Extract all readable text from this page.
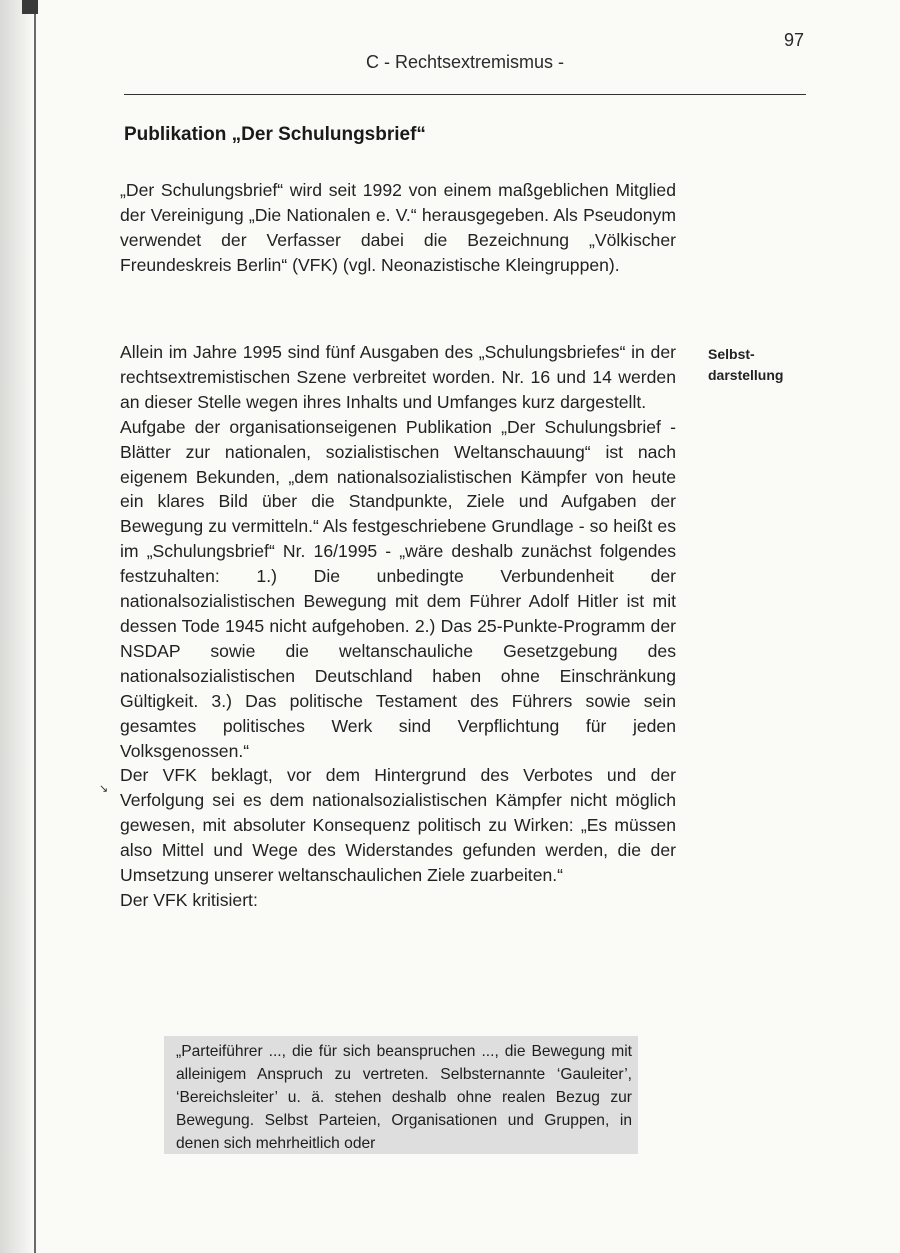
97
C - Rechtsextremismus -
Publikation „Der Schulungsbrief“

„Der Schulungsbrief“ wird seit 1992 von einem maßgeblichen Mitglied der Vereinigung „Die Nationalen e. V.“ herausgegeben. Als Pseudonym verwendet der Verfasser dabei die Bezeichnung „Völkischer Freundeskreis Berlin“ (VFK) (vgl. Neonazistische Kleingruppen).

Allein im Jahre 1995 sind fünf Ausgaben des „Schulungsbriefes“ in der rechtsextremistischen Szene verbreitet worden. Nr. 16 und 14 werden an dieser Stelle wegen ihres Inhalts und Umfanges kurz dargestellt.
Aufgabe der organisationseigenen Publikation „Der Schulungsbrief - Blätter zur nationalen, sozialistischen Weltanschauung“ ist nach eigenem Bekunden, „dem nationalsozialistischen Kämpfer von heute ein klares Bild über die Standpunkte, Ziele und Aufgaben der Bewegung zu vermitteln.“ Als festgeschriebene Grundlage - so heißt es im „Schulungsbrief“ Nr. 16/1995 - „wäre deshalb zunächst folgendes festzuhalten: 1.) Die unbedingte Verbundenheit der nationalsozialistischen Bewegung mit dem Führer Adolf Hitler ist mit dessen Tode 1945 nicht aufgehoben. 2.) Das 25-Punkte-Programm der NSDAP sowie die weltanschauliche Gesetzgebung des nationalsozialistischen Deutschland haben ohne Einschränkung Gültigkeit. 3.) Das politische Testament des Führers sowie sein gesamtes politisches Werk sind Verpflichtung für jeden Volksgenossen.“
Der VFK beklagt, vor dem Hintergrund des Verbotes und der Verfolgung sei es dem nationalsozialistischen Kämpfer nicht möglich gewesen, mit absoluter Konsequenz politisch zu Wirken: „Es müssen also Mittel und Wege des Widerstandes gefunden werden, die der Umsetzung unserer weltanschaulichen Ziele zuarbeiten.“
Der VFK kritisiert:
Selbst-
darstellung
↘

„Parteiführer ..., die für sich beanspruchen ..., die Bewegung mit alleinigem Anspruch zu vertreten. Selbsternannte ‘Gauleiter’, ‘Bereichsleiter’ u. ä. stehen deshalb ohne realen Bezug zur Bewegung. Selbst Parteien, Organisationen und Gruppen, in denen sich mehrheitlich oder
